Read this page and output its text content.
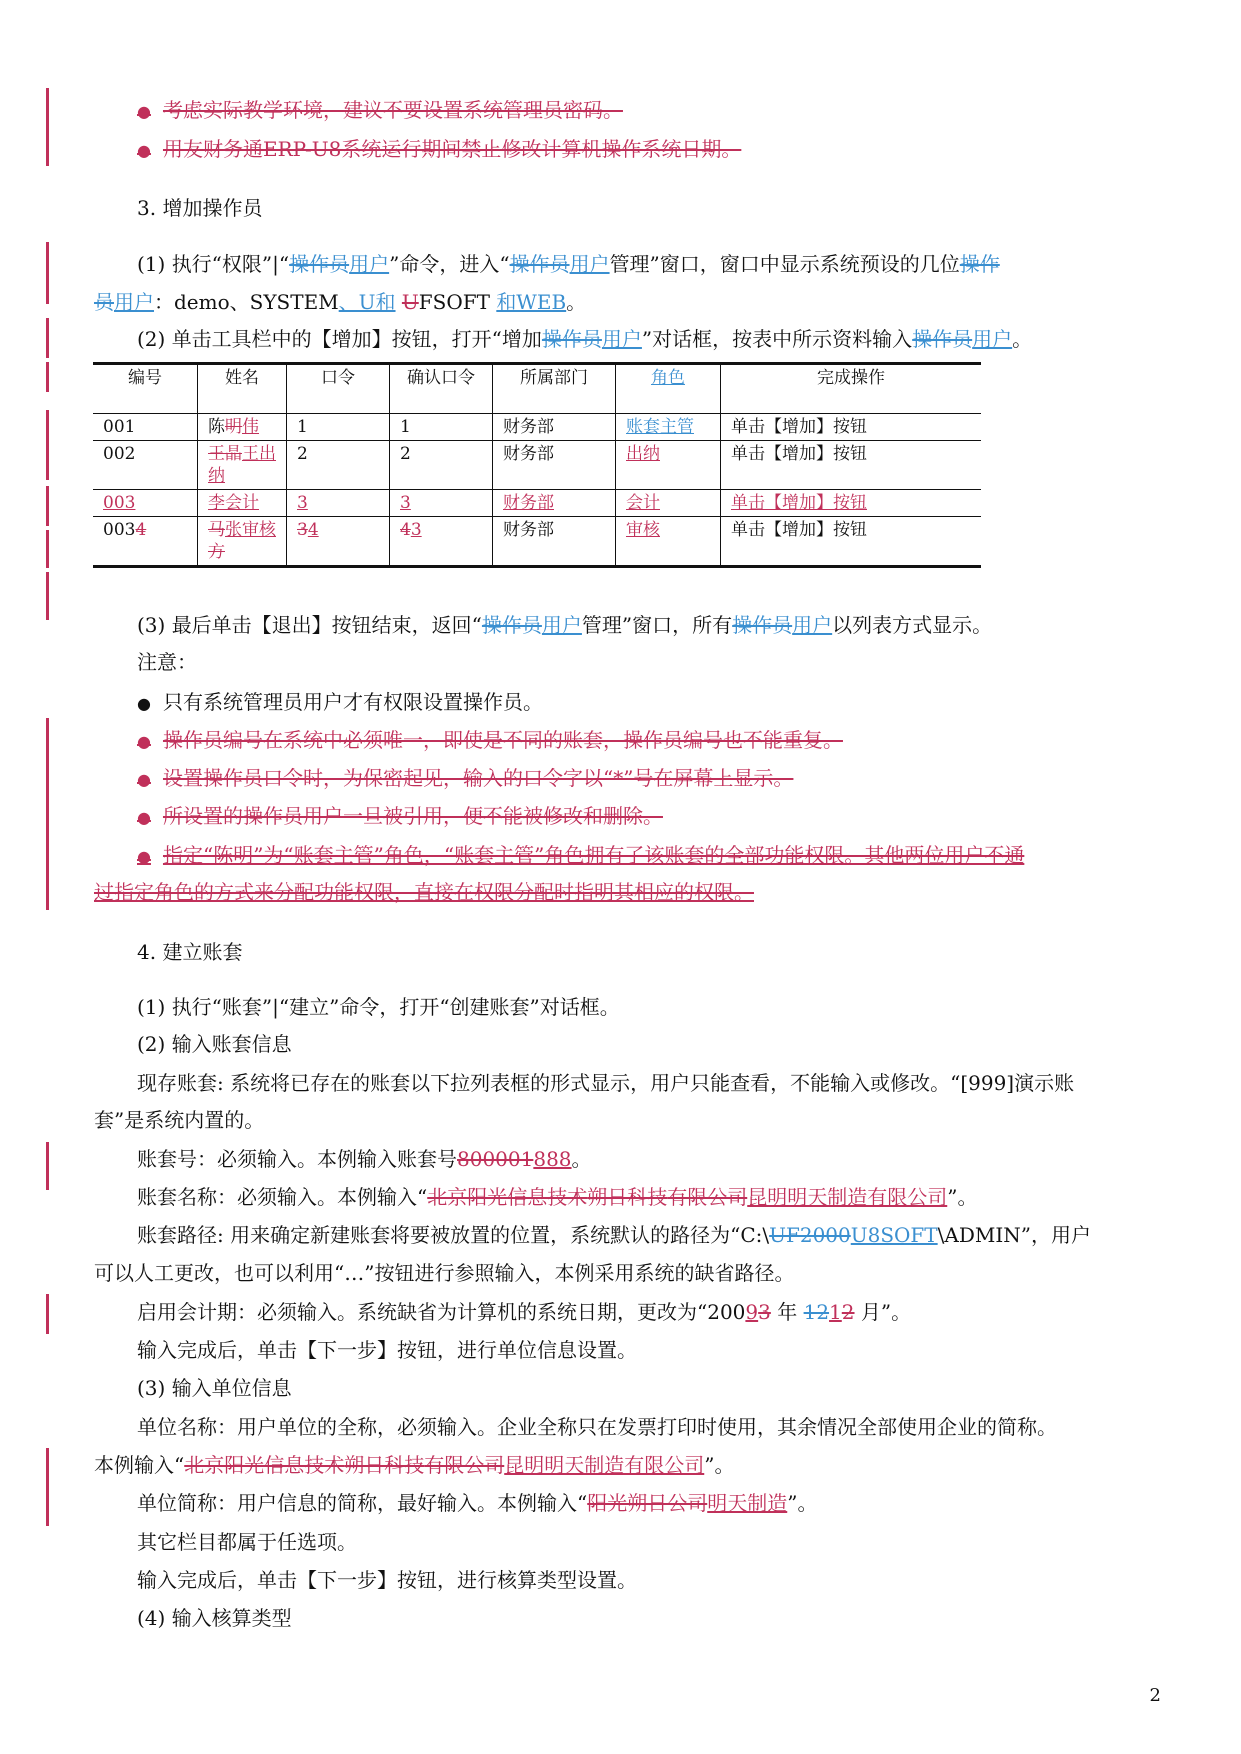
● 考虑实际教学环境，建议不要设置系统管理员密码。
● 用友财务通ERP-U8系统运行期间禁止修改计算机操作系统日期。
3. 增加操作员
(1) 执行“权限”|“操作员用户”命令，进入“操作员用户管理”窗口，窗口中显示系统预设的几位操作
员用户：demo、SYSTEM、U和 UFSOFT 和WEB。
(2) 单击工具栏中的【增加】按钮，打开“增加操作员用户”对话框，按表中所示资料输入操作员用户。
编号	姓名	口令	确认口令	所属部门	角色	完成操作
001	陈明伟	1	1	财务部	账套主管	单击【增加】按钮
002	王晶王出纳	2	2	财务部	出纳	单击【增加】按钮
003	李会计	3	3	财务部	会计	单击【增加】按钮
0034	马张审核方	34	43	财务部	审核	单击【增加】按钮
(3) 最后单击【退出】按钮结束，返回“操作员用户管理”窗口，所有操作员用户以列表方式显示。
注意：
● 只有系统管理员用户才有权限设置操作员。
● 操作员编号在系统中必须唯一，即使是不同的账套，操作员编号也不能重复。
● 设置操作员口令时，为保密起见，输入的口令字以“*”号在屏幕上显示。
● 所设置的操作员用户一旦被引用，便不能被修改和删除。
● 指定“陈明”为“账套主管”角色，“账套主管”角色拥有了该账套的全部功能权限。其他两位用户不通
过指定角色的方式来分配功能权限，直接在权限分配时指明其相应的权限。
4. 建立账套
(1) 执行“账套”|“建立”命令，打开“创建账套”对话框。
(2) 输入账套信息
现存账套: 系统将已存在的账套以下拉列表框的形式显示，用户只能查看，不能输入或修改。“[999]演示账
套”是系统内置的。
账套号：必须输入。本例输入账套号800001888。
账套名称：必须输入。本例输入“北京阳光信息技术朔日科技有限公司昆明明天制造有限公司”。
账套路径: 用来确定新建账套将要被放置的位置，系统默认的路径为“C:\UF2000U8SOFT\ADMIN”，用户
可以人工更改，也可以利用“…”按钮进行参照输入，本例采用系统的缺省路径。
启用会计期：必须输入。系统缺省为计算机的系统日期，更改为“20093 年 1212 月”。
输入完成后，单击【下一步】按钮，进行单位信息设置。
(3) 输入单位信息
单位名称：用户单位的全称，必须输入。企业全称只在发票打印时使用，其余情况全部使用企业的简称。
本例输入“北京阳光信息技术朔日科技有限公司昆明明天制造有限公司”。
单位简称：用户信息的简称，最好输入。本例输入“阳光朔日公司明天制造”。
其它栏目都属于任选项。
输入完成后，单击【下一步】按钮，进行核算类型设置。
(4) 输入核算类型
2
